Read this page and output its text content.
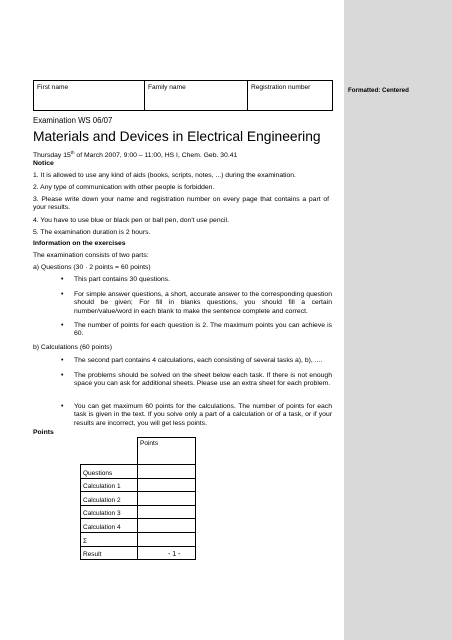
Formatted: Centered
First name	Family name	Registration number
Examination WS 06/07
Materials and Devices in Electrical Engineering
Thursday 15th of March 2007, 9:00 – 11:00, HS I, Chem. Geb. 30.41
Notice
1. It is allowed to use any kind of aids (books, scripts, notes, ...) during the examination.
2. Any type of communication with other people is forbidden.
3. Please write down your name and registration number on every page that contains a part of your results.
4. You have to use blue or black pen or ball pen, don't use pencil.
5. The examination duration is 2 hours.
Information on the exercises
The examination consists of two parts:
a) Questions (30 · 2 points = 60 points)
• This part contains 30 questions.
• For simple answer questions, a short, accurate answer to the corresponding question should be given; For fill in blanks questions, you should fill a certain number/value/word in each blank to make the sentence complete and correct.
• The number of points for each question is 2. The maximum points you can achieve is 60.
b) Calculations (60 points)
• The second part contains 4 calculations, each consisting of several tasks a), b), ....
• The problems should be solved on the sheet below each task. If there is not enough space you can ask for additional sheets. Please use an extra sheet for each problem.
• You can get maximum 60 points for the calculations. The number of points for each task is given in the text. If you solve only a part of a calculation or of a task, or if your results are incorrect, you will get less points.
Points
	Points
Questions	
Calculation 1	
Calculation 2	
Calculation 3	
Calculation 4	
Σ	
Result		- 1 -
